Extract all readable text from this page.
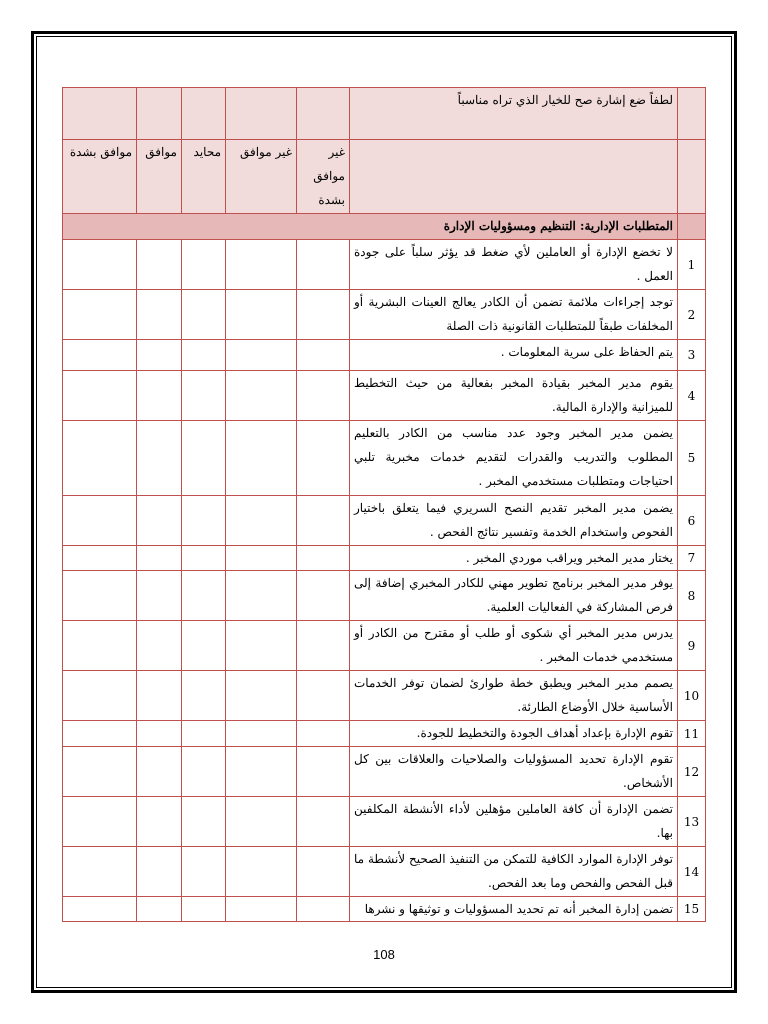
	لطفاً ضع إشارة صح للخيار الذي تراه مناسباً					
		غير موافق بشدة	غير موافق	محايد	موافق	موافق بشدة
	المتطلبات الإدارية: التنظيم ومسؤوليات الإدارة					
1	لا تخضع الإدارة أو العاملين لأي ضغط قد يؤثر سلباً على جودة العمل .					
2	توجد إجراءات ملائمة تضمن أن الكادر يعالج العينات البشرية أو المخلفات طبقاً للمتطلبات القانونية ذات الصلة					
3	يتم الحفاظ على سرية المعلومات .					
4	يقوم مدير المخبر بقيادة المخبر بفعالية من حيث التخطيط للميزانية والإدارة المالية.					
5	يضمن مدير المخبر وجود عدد مناسب من الكادر بالتعليم المطلوب والتدريب والقدرات لتقديم خدمات مخبرية تلبي احتياجات ومتطلبات مستخدمي المخبر .					
6	يضمن مدير المخبر تقديم النصح السريري فيما يتعلق باختيار الفحوص واستخدام الخدمة وتفسير نتائج الفحص .					
7	يختار مدير المخبر ويراقب موردي المخبر .					
8	يوفر مدير المخبر برنامج تطوير مهني للكادر المخبري إضافة إلى فرص المشاركة في الفعاليات العلمية.					
9	يدرس مدير المخبر أي شكوى أو طلب أو مقترح من الكادر أو مستخدمي خدمات المخبر .					
10	يصمم مدير المخبر ويطبق خطة طوارئ لضمان توفر الخدمات الأساسية خلال الأوضاع الطارئة.					
11	تقوم الإدارة بإعداد أهداف الجودة والتخطيط للجودة.					
12	تقوم الإدارة تحديد المسؤوليات والصلاحيات والعلاقات بين كل الأشخاص.					
13	تضمن الإدارة أن كافة العاملين مؤهلين لأداء الأنشطة المكلفين بها.					
14	توفر الإدارة الموارد الكافية للتمكن من التنفيذ الصحيح لأنشطة ما قبل الفحص والفحص وما بعد الفحص.					
15	تضمن إدارة المخبر أنه تم تحديد المسؤوليات و توثيقها و نشرها					
108
